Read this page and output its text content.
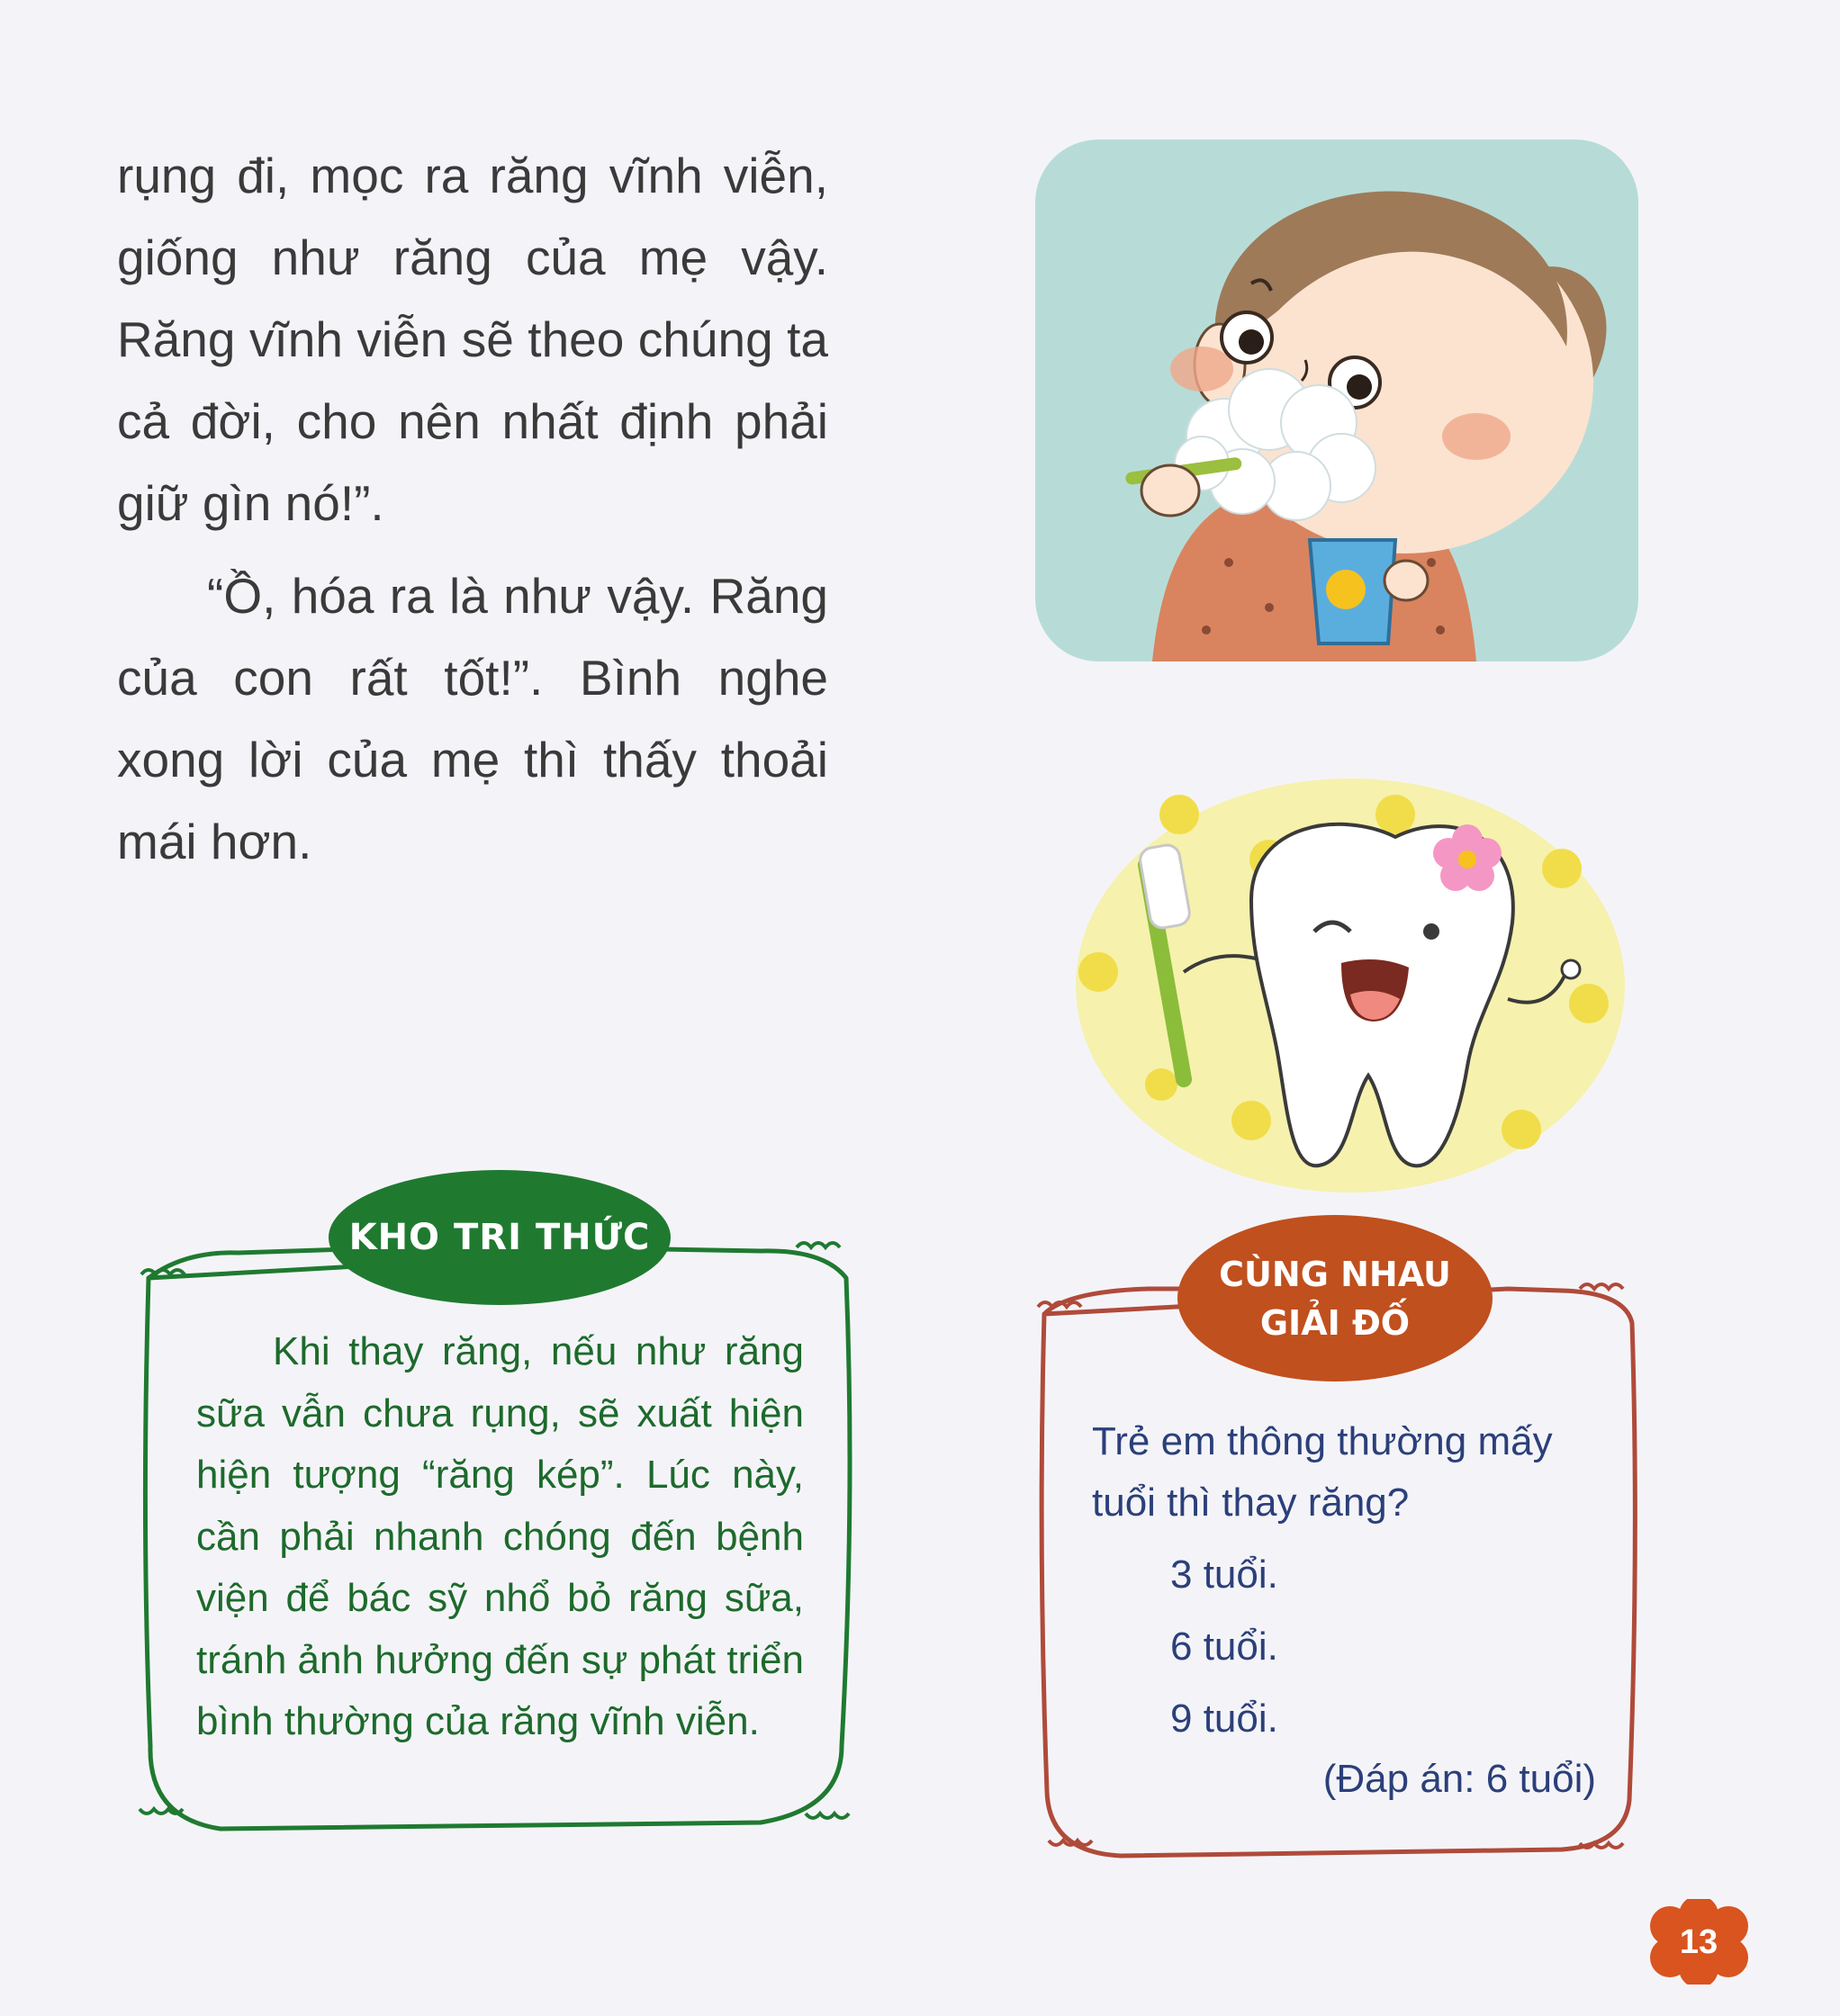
rụng đi, mọc ra răng vĩnh viễn, giống như răng của mẹ vậy. Răng vĩnh viễn sẽ theo chúng ta cả đời, cho nên nhất định phải giữ gìn nó!”.

“Ồ, hóa ra là như vậy. Răng của con rất tốt!”. Bình nghe xong lời của mẹ thì thấy thoải mái hơn.

KHO TRI THỨC
Khi thay răng, nếu như răng sữa vẫn chưa rụng, sẽ xuất hiện hiện tượng “răng kép”. Lúc này, cần phải nhanh chóng đến bệnh viện để bác sỹ nhổ bỏ răng sữa, tránh ảnh hưởng đến sự phát triển bình thường của răng vĩnh viễn.
CÙNG NHAU
GIẢI ĐỐ
Trẻ em thông thường mấy tuổi thì thay răng?
3 tuổi.
6 tuổi.
9 tuổi.
(Đáp án: 6 tuổi)
13
